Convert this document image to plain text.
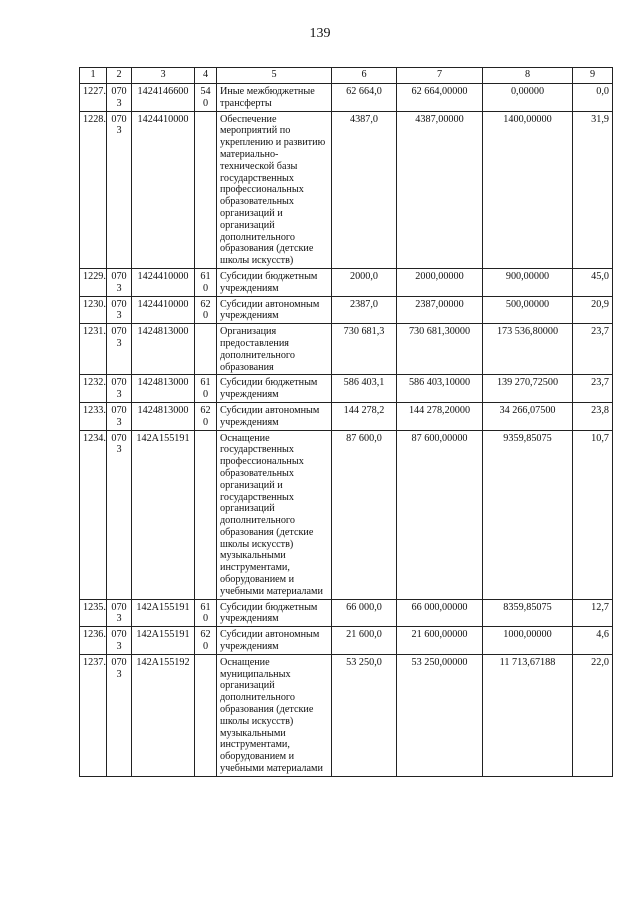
139
1	2	3	4	5	6	7	8	9
1227.	0703	1424146600	540	Иные межбюджетные трансферты	62 664,0	62 664,00000	0,00000	0,0
1228.	0703	1424410000		Обеспечение мероприятий по укреплению и развитию материально-технической базы государственных профессиональных образовательных организаций и организаций дополнительного образования (детские школы искусств)	4387,0	4387,00000	1400,00000	31,9
1229.	0703	1424410000	610	Субсидии бюджетным учреждениям	2000,0	2000,00000	900,00000	45,0
1230.	0703	1424410000	620	Субсидии автономным учреждениям	2387,0	2387,00000	500,00000	20,9
1231.	0703	1424813000		Организация предоставления дополнительного образования	730 681,3	730 681,30000	173 536,80000	23,7
1232.	0703	1424813000	610	Субсидии бюджетным учреждениям	586 403,1	586 403,10000	139 270,72500	23,7
1233.	0703	1424813000	620	Субсидии автономным учреждениям	144 278,2	144 278,20000	34 266,07500	23,8
1234.	0703	142A155191		Оснащение государственных профессиональных образовательных организаций и государственных организаций дополнительного образования (детские школы искусств) музыкальными инструментами, оборудованием и учебными материалами	87 600,0	87 600,00000	9359,85075	10,7
1235.	0703	142A155191	610	Субсидии бюджетным учреждениям	66 000,0	66 000,00000	8359,85075	12,7
1236.	0703	142A155191	620	Субсидии автономным учреждениям	21 600,0	21 600,00000	1000,00000	4,6
1237.	0703	142A155192		Оснащение муниципальных организаций дополнительного образования (детские школы искусств) музыкальными инструментами, оборудованием и учебными материалами	53 250,0	53 250,00000	11 713,67188	22,0
